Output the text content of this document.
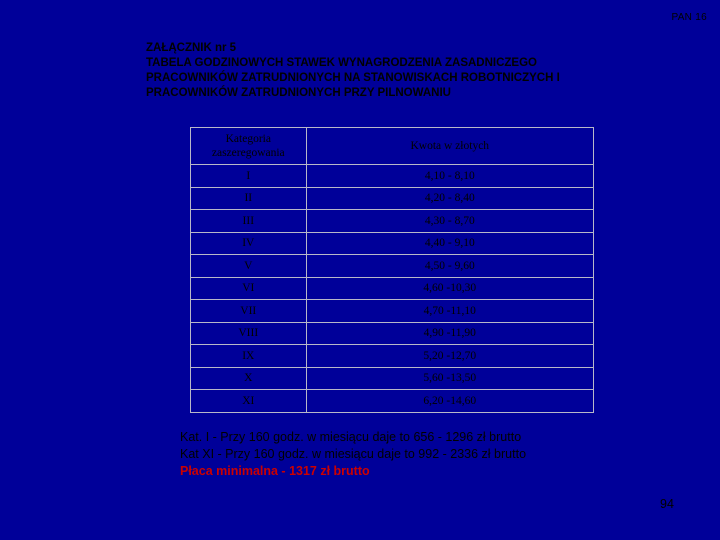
PAN 16
ZAŁĄCZNIK nr 5
TABELA GODZINOWYCH STAWEK WYNAGRODZENIA ZASADNICZEGO
PRACOWNIKÓW ZATRUDNIONYCH NA STANOWISKACH ROBOTNICZYCH I
PRACOWNIKÓW ZATRUDNIONYCH PRZY PILNOWANIU
Kategoria zaszeregowania	Kwota w złotych
I	4,10 - 8,10
II	4,20 - 8,40
III	4,30 - 8,70
IV	4,40 - 9,10
V	4,50 - 9,60
VI	4,60 -10,30
VII	4,70 -11,10
VIII	4,90 -11,90
IX	5,20 -12,70
X	5,60 -13,50
XI	6,20 -14,60
Kat. I - Przy 160 godz. w miesiącu daje to 656 - 1296 zł brutto
Kat XI - Przy 160 godz. w miesiącu daje to 992 - 2336 zł brutto
Płaca minimalna - 1317 zł brutto
94
